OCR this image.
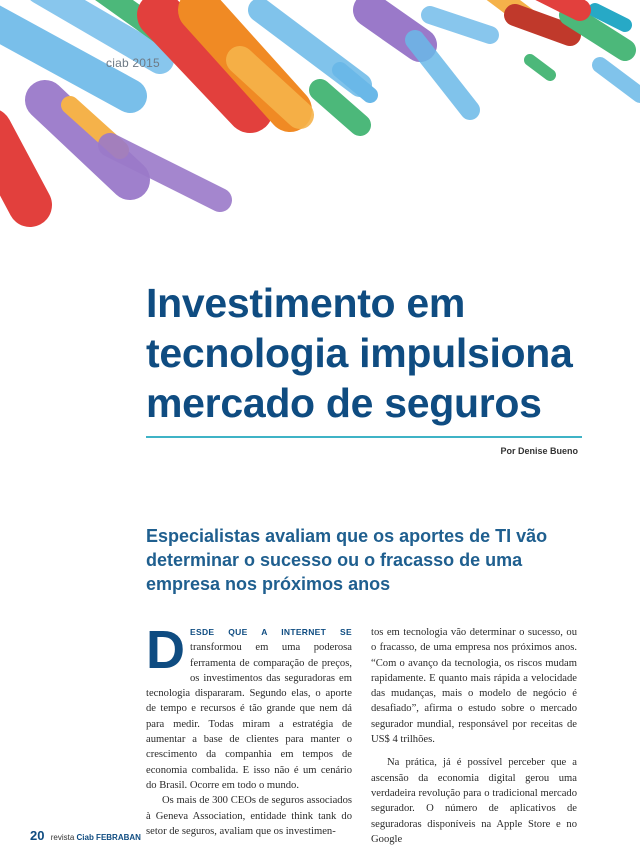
ciab 2015
Investimento em
tecnologia impulsiona
mercado de seguros
Por Denise Bueno

Especialistas avaliam que os aportes de TI vão determinar o sucesso ou o fracasso de uma empresa nos próximos anos

D ESDE QUE A INTERNET SE transformou em uma poderosa ferramenta de comparação de preços, os investimentos das seguradoras em tecnologia dispararam. Segundo elas, o aporte de tempo e recursos é tão grande que nem dá para medir. Todas miram a estratégia de aumentar a base de clientes para manter o crescimento da companhia em tempos de economia combalida. E isso não é um cenário do Brasil. Ocorre em todo o mundo.

Os mais de 300 CEOs de seguros associados à Geneva Association, entidade think tank do setor de seguros, avaliam que os investimen-

tos em tecnologia vão determinar o sucesso, ou o fracasso, de uma empresa nos próximos anos. “Com o avanço da tecnologia, os riscos mudam rapidamente. E quanto mais rápida a velocidade das mudanças, mais o modelo de negócio é desafiado”, afirma o estudo sobre o mercado segurador mundial, responsável por receitas de US$ 4 trilhões.

Na prática, já é possível perceber que a ascensão da economia digital gerou uma verdadeira revolução para o tradicional mercado segurador. O número de aplicativos de seguradoras disponíveis na Apple Store e no Google

20 revista Ciab FEBRABAN
